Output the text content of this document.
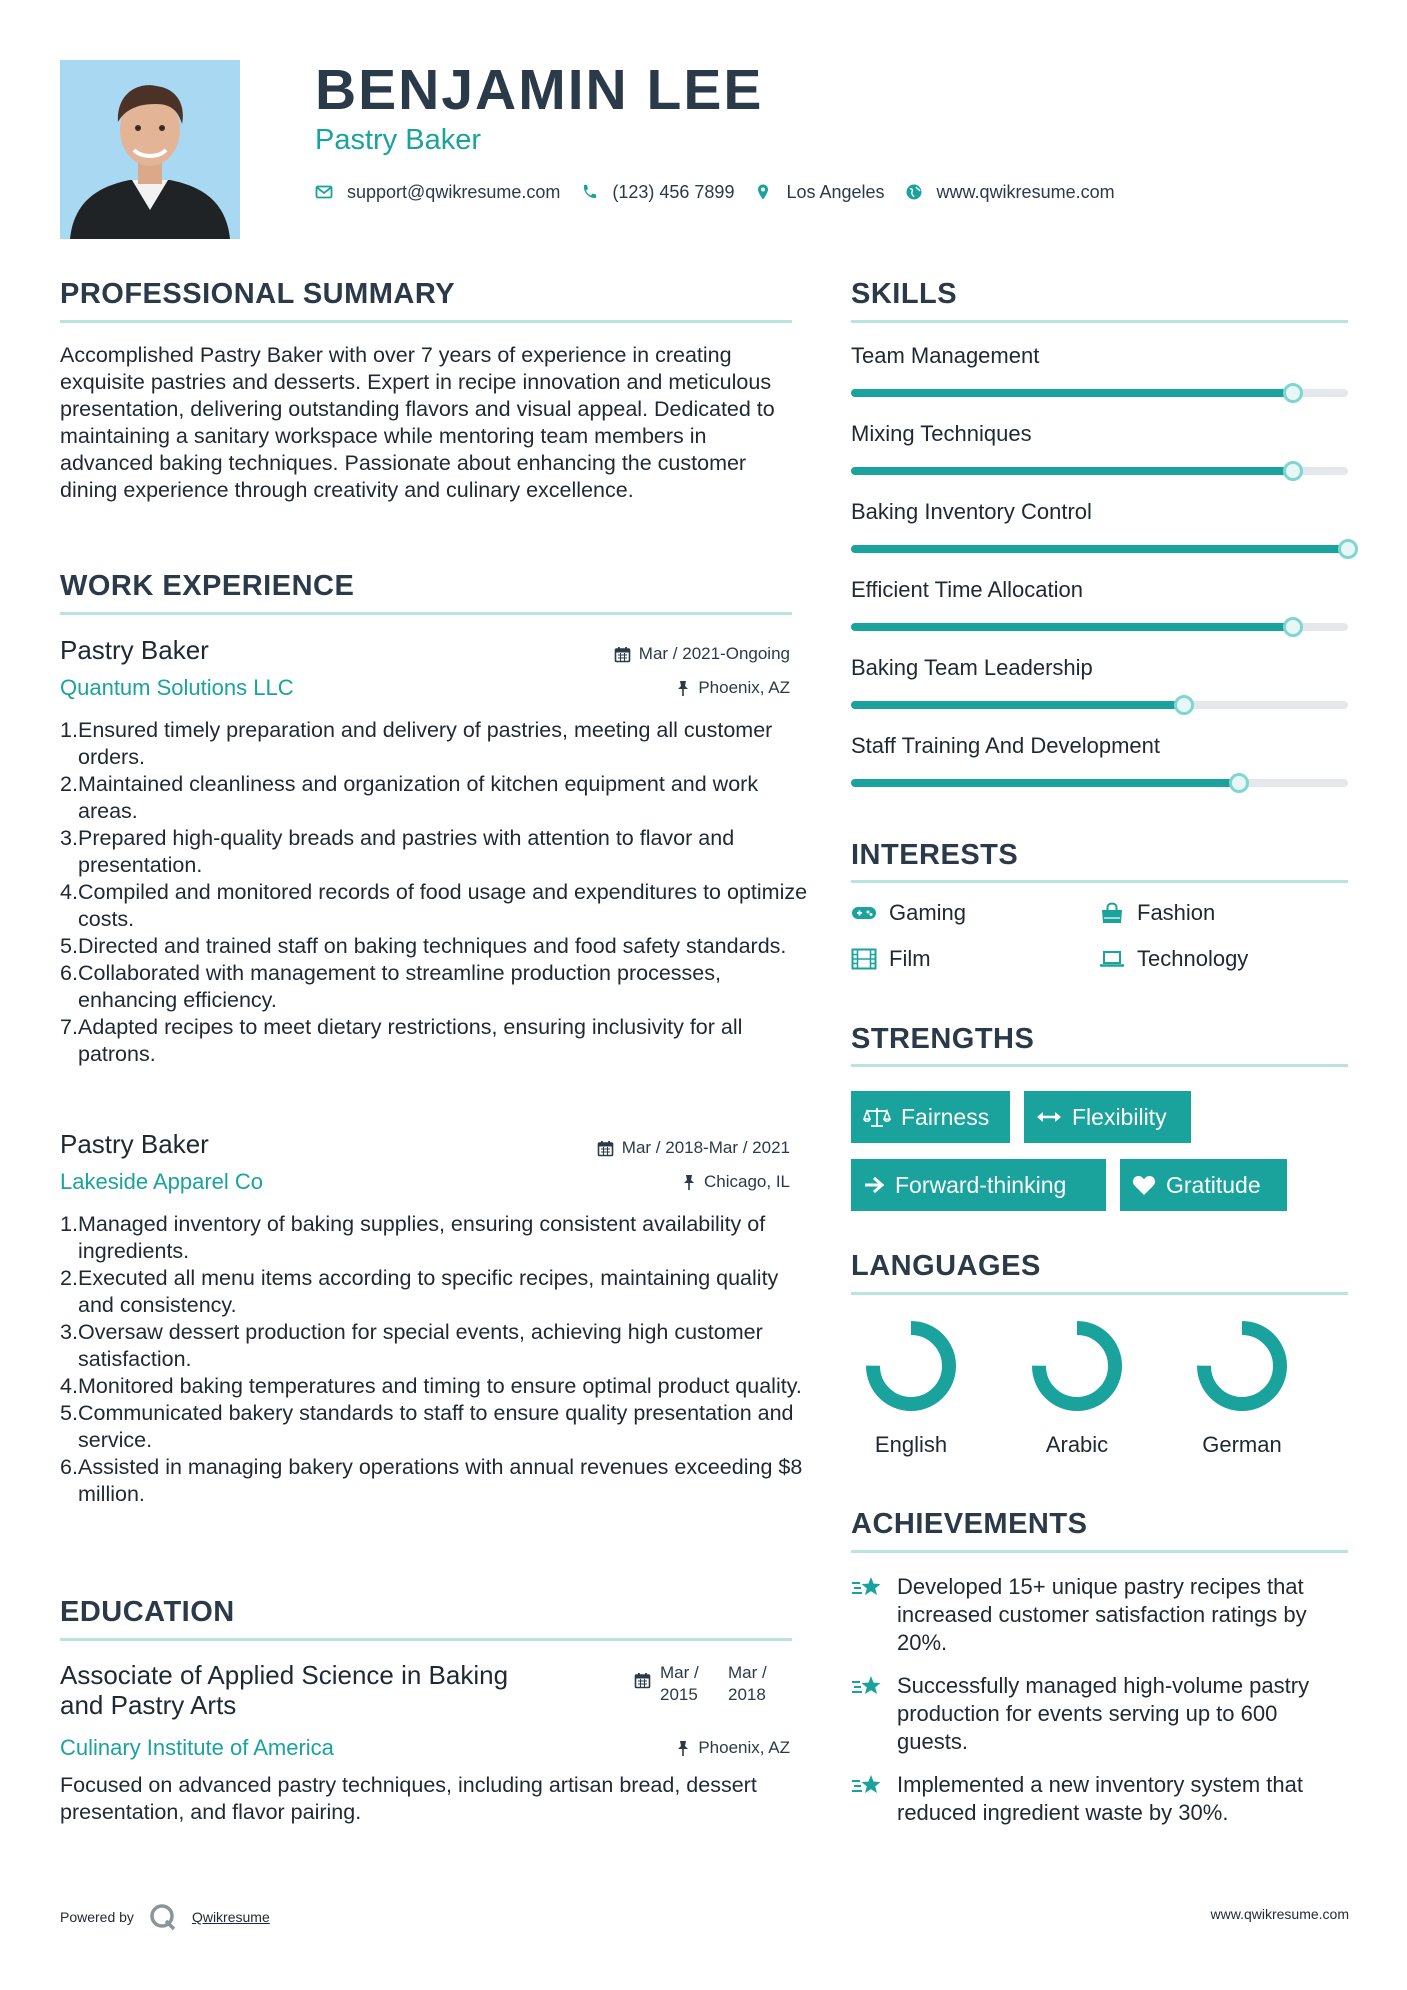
BENJAMIN LEE
Pastry Baker
support@qwikresume.com	(123) 456 7899	Los Angeles	www.qwikresume.com
PROFESSIONAL SUMMARY
Accomplished Pastry Baker with over 7 years of experience in creating exquisite pastries and desserts. Expert in recipe innovation and meticulous presentation, delivering outstanding flavors and visual appeal. Dedicated to maintaining a sanitary workspace while mentoring team members in advanced baking techniques. Passionate about enhancing the customer dining experience through creativity and culinary excellence.
WORK EXPERIENCE
Pastry Baker	Mar / 2021-Ongoing
Quantum Solutions LLC	Phoenix, AZ
Ensured timely preparation and delivery of pastries, meeting all customer orders.
Maintained cleanliness and organization of kitchen equipment and work areas.
Prepared high-quality breads and pastries with attention to flavor and presentation.
Compiled and monitored records of food usage and expenditures to optimize costs.
Directed and trained staff on baking techniques and food safety standards.
Collaborated with management to streamline production processes, enhancing efficiency.
Adapted recipes to meet dietary restrictions, ensuring inclusivity for all patrons.
Pastry Baker	Mar / 2018-Mar / 2021
Lakeside Apparel Co	Chicago, IL
Managed inventory of baking supplies, ensuring consistent availability of ingredients.
Executed all menu items according to specific recipes, maintaining quality and consistency.
Oversaw dessert production for special events, achieving high customer satisfaction.
Monitored baking temperatures and timing to ensure optimal product quality.
Communicated bakery standards to staff to ensure quality presentation and service.
Assisted in managing bakery operations with annual revenues exceeding $8 million.
EDUCATION
Associate of Applied Science in Baking
and Pastry Arts
Mar /
2015
Mar /
2018
Culinary Institute of America	Phoenix, AZ
Focused on advanced pastry techniques, including artisan bread, dessert presentation, and flavor pairing.
SKILLS
Team Management
Mixing Techniques
Baking Inventory Control
Efficient Time Allocation
Baking Team Leadership
Staff Training And Development
INTERESTS
Gaming	Fashion
Film	Technology
STRENGTHS
Fairness	Flexibility
Forward-thinking	Gratitude
LANGUAGES
English	Arabic	German
ACHIEVEMENTS
Developed 15+ unique pastry recipes that increased customer satisfaction ratings by 20%.
Successfully managed high-volume pastry production for events serving up to 600 guests.
Implemented a new inventory system that reduced ingredient waste by 30%.
Powered by	Qwikresume	www.qwikresume.com
